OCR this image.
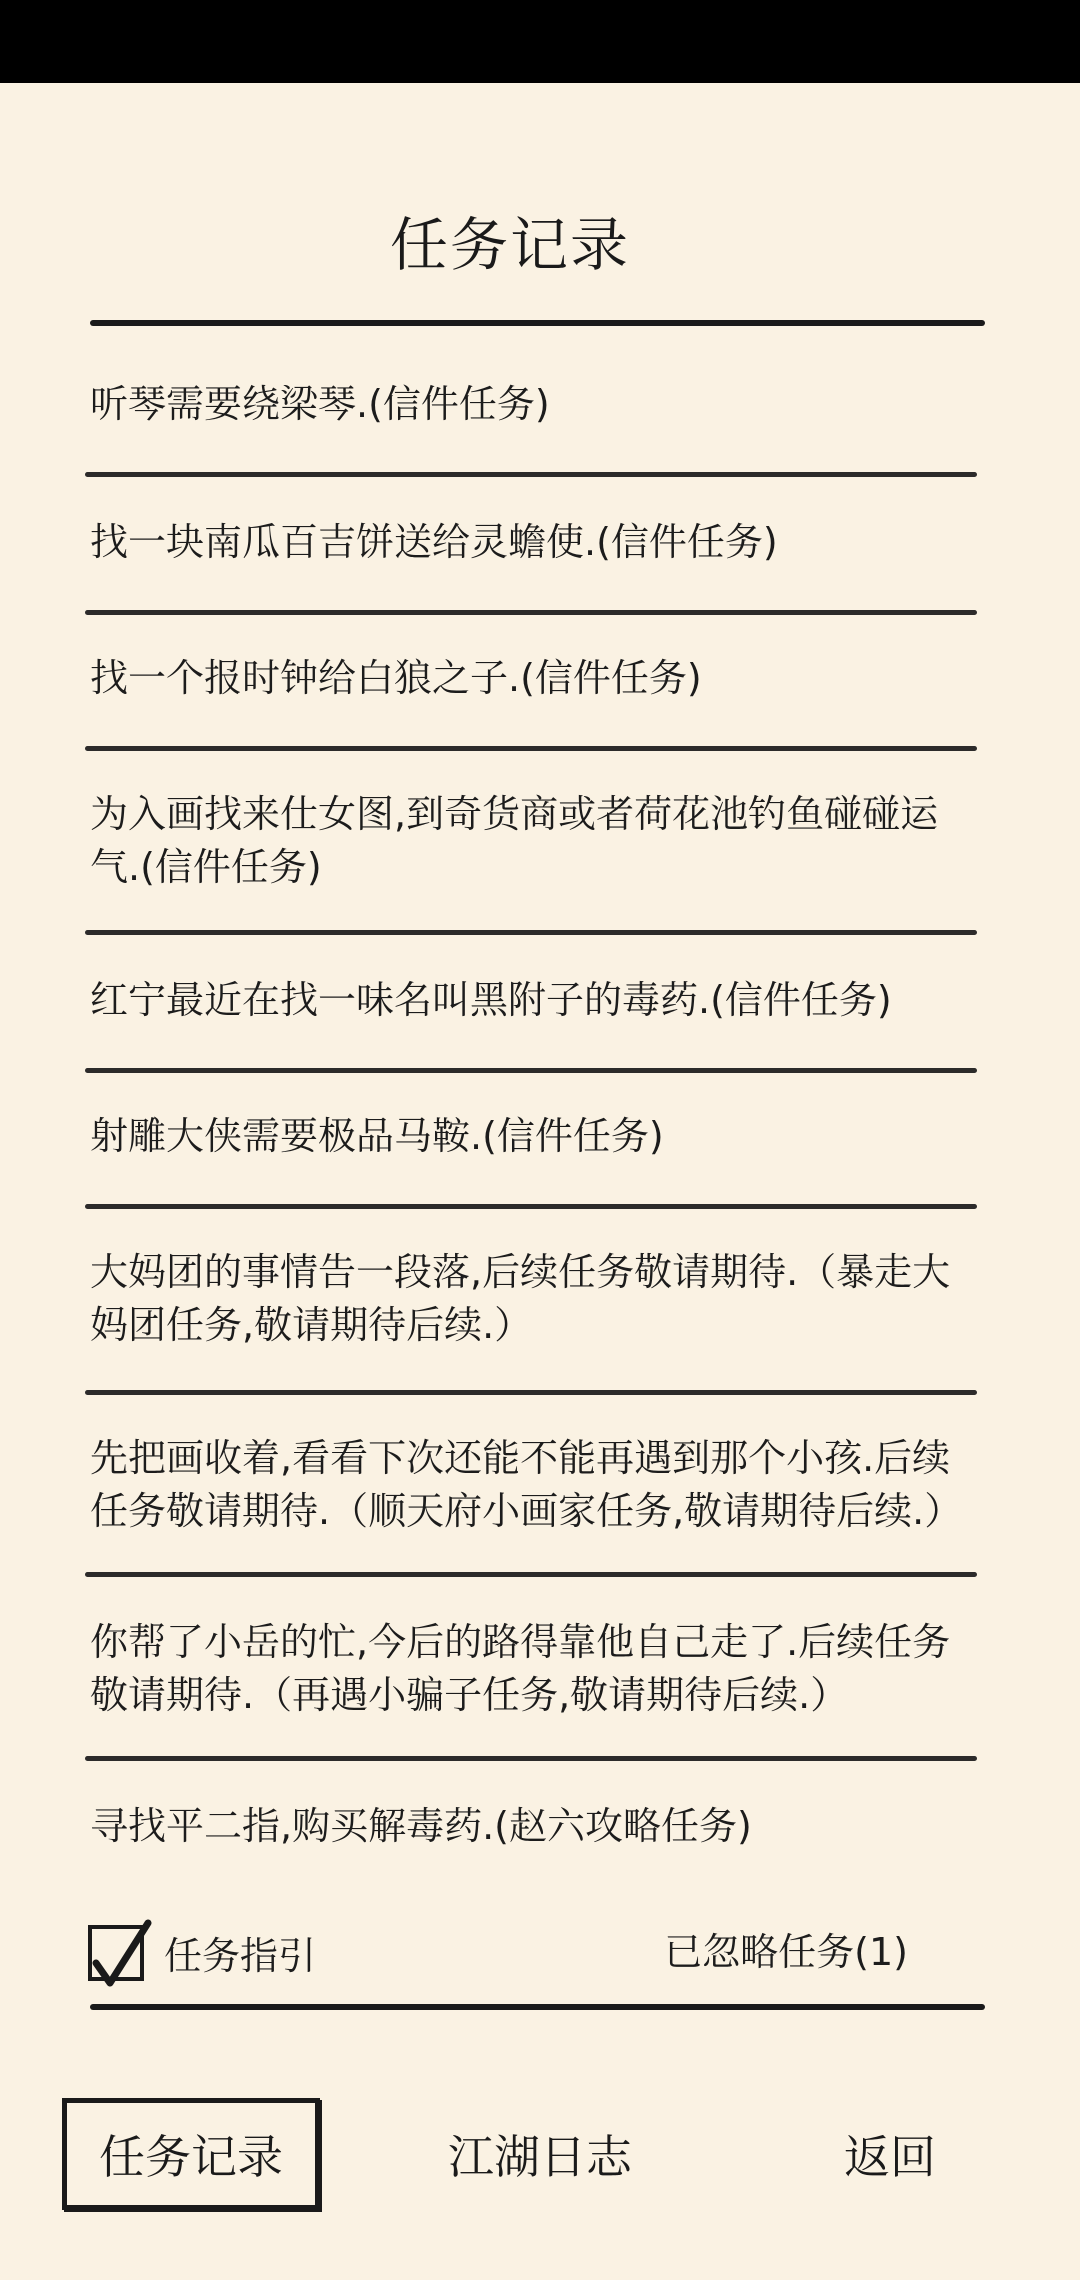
任务记录
听琴需要绕梁琴.(信件任务)
找一块南瓜百吉饼送给灵蟾使.(信件任务)
找一个报时钟给白狼之子.(信件任务)
为入画找来仕女图,到奇货商或者荷花池钓鱼碰碰运气.(信件任务)
红宁最近在找一味名叫黑附子的毒药.(信件任务)
射雕大侠需要极品马鞍.(信件任务)
大妈团的事情告一段落,后续任务敬请期待.（暴走大妈团任务,敬请期待后续.）
先把画收着,看看下次还能不能再遇到那个小孩.后续任务敬请期待.（顺天府小画家任务,敬请期待后续.）
你帮了小岳的忙,今后的路得靠他自己走了.后续任务敬请期待.（再遇小骗子任务,敬请期待后续.）
寻找平二指,购买解毒药.(赵六攻略任务)
任务指引	已忽略任务(1)
任务记录	江湖日志	返回
